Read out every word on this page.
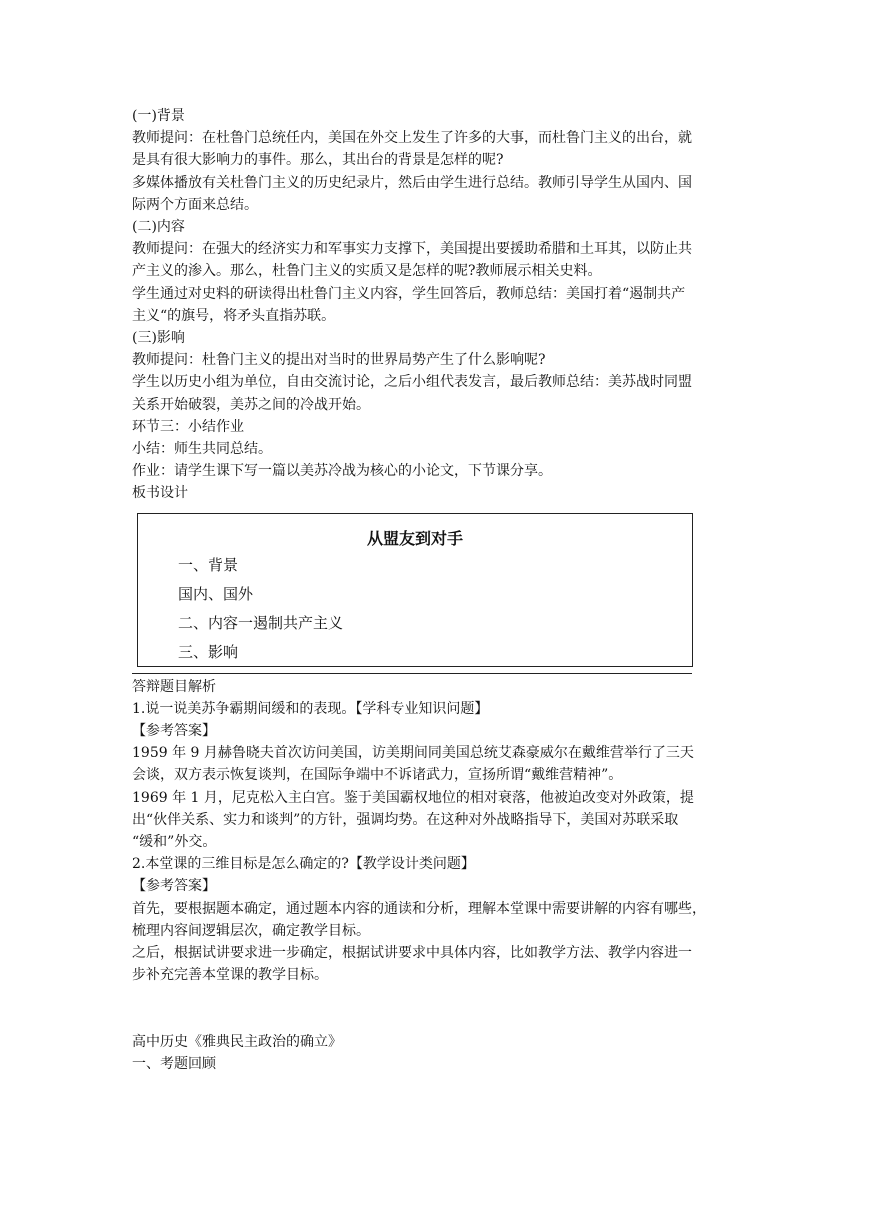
(一)背景

教师提问：在杜鲁门总统任内，美国在外交上发生了许多的大事，而杜鲁门主义的出台，就

是具有很大影响力的事件。那么，其出台的背景是怎样的呢?

多媒体播放有关杜鲁门主义的历史纪录片，然后由学生进行总结。教师引导学生从国内、国

际两个方面来总结。

(二)内容

教师提问：在强大的经济实力和军事实力支撑下，美国提出要援助希腊和土耳其，以防止共

产主义的渗入。那么，杜鲁门主义的实质又是怎样的呢?教师展示相关史料。

学生通过对史料的研读得出杜鲁门主义内容，学生回答后，教师总结：美国打着“遏制共产

主义“的旗号，将矛头直指苏联。

(三)影响

教师提问：杜鲁门主义的提出对当时的世界局势产生了什么影响呢?

学生以历史小组为单位，自由交流讨论，之后小组代表发言，最后教师总结：美苏战时同盟

关系开始破裂，美苏之间的冷战开始。

环节三：小结作业

小结：师生共同总结。

作业：请学生课下写一篇以美苏冷战为核心的小论文，下节课分享。

板书设计

从盟友到对手
一、背景
国内、国外
二、内容一遏制共产主义
三、影响

答辩题目解析

1.说一说美苏争霸期间缓和的表现。【学科专业知识问题】

【参考答案】

1959 年 9 月赫鲁晓夫首次访问美国，访美期间同美国总统艾森豪威尔在戴维营举行了三天

会谈，双方表示恢复谈判，在国际争端中不诉诸武力，宣扬所谓“戴维营精神”。

1969 年 1 月，尼克松入主白宫。鉴于美国霸权地位的相对衰落，他被迫改变对外政策，提

出“伙伴关系、实力和谈判”的方针，强调均势。在这种对外战略指导下，美国对苏联采取

“缓和”外交。

2.本堂课的三维目标是怎么确定的?【教学设计类问题】

【参考答案】

首先，要根据题本确定，通过题本内容的通读和分析，理解本堂课中需要讲解的内容有哪些，

梳理内容间逻辑层次，确定教学目标。

之后，根据试讲要求进一步确定，根据试讲要求中具体内容，比如教学方法、教学内容进一

步补充完善本堂课的教学目标。

高中历史《雅典民主政治的确立》

一、考题回顾
